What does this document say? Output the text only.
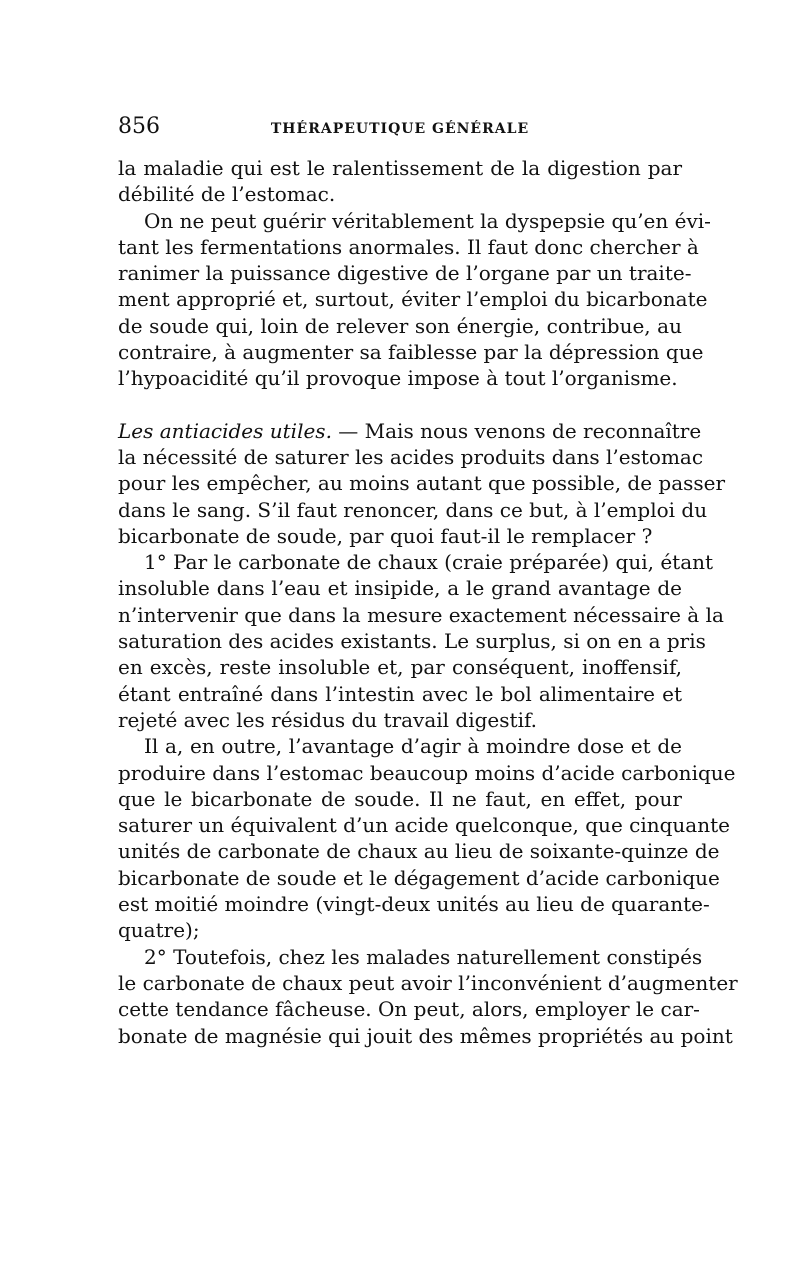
856	THÉRAPEUTIQUE GÉNÉRALE
la maladie qui est le ralentissement de la digestion par
débilité de l’estomac.
On ne peut guérir véritablement la dyspepsie qu’en évi-
tant les fermentations anormales. Il faut donc chercher à
ranimer la puissance digestive de l’organe par un traite-
ment approprié et, surtout, éviter l’emploi du bicarbonate
de soude qui, loin de relever son énergie, contribue, au
contraire, à augmenter sa faiblesse par la dépression que
l’hypoacidité qu’il provoque impose à tout l’organisme.
Les antiacides utiles. — Mais nous venons de reconnaître
la nécessité de saturer les acides produits dans l’estomac
pour les empêcher, au moins autant que possible, de passer
dans le sang. S’il faut renoncer, dans ce but, à l’emploi du
bicarbonate de soude, par quoi faut-il le remplacer ?
1° Par le carbonate de chaux (craie préparée) qui, étant
insoluble dans l’eau et insipide, a le grand avantage de
n’intervenir que dans la mesure exactement nécessaire à la
saturation des acides existants. Le surplus, si on en a pris
en excès, reste insoluble et, par conséquent, inoffensif,
étant entraîné dans l’intestin avec le bol alimentaire et
rejeté avec les résidus du travail digestif.
Il a, en outre, l’avantage d’agir à moindre dose et de
produire dans l’estomac beaucoup moins d’acide carbonique
que le bicarbonate de soude. Il ne faut, en effet, pour
saturer un équivalent d’un acide quelconque, que cinquante
unités de carbonate de chaux au lieu de soixante-quinze de
bicarbonate de soude et le dégagement d’acide carbonique
est moitié moindre (vingt-deux unités au lieu de quarante-
quatre);
2° Toutefois, chez les malades naturellement constipés
le carbonate de chaux peut avoir l’inconvénient d’augmenter
cette tendance fâcheuse. On peut, alors, employer le car-
bonate de magnésie qui jouit des mêmes propriétés au point
